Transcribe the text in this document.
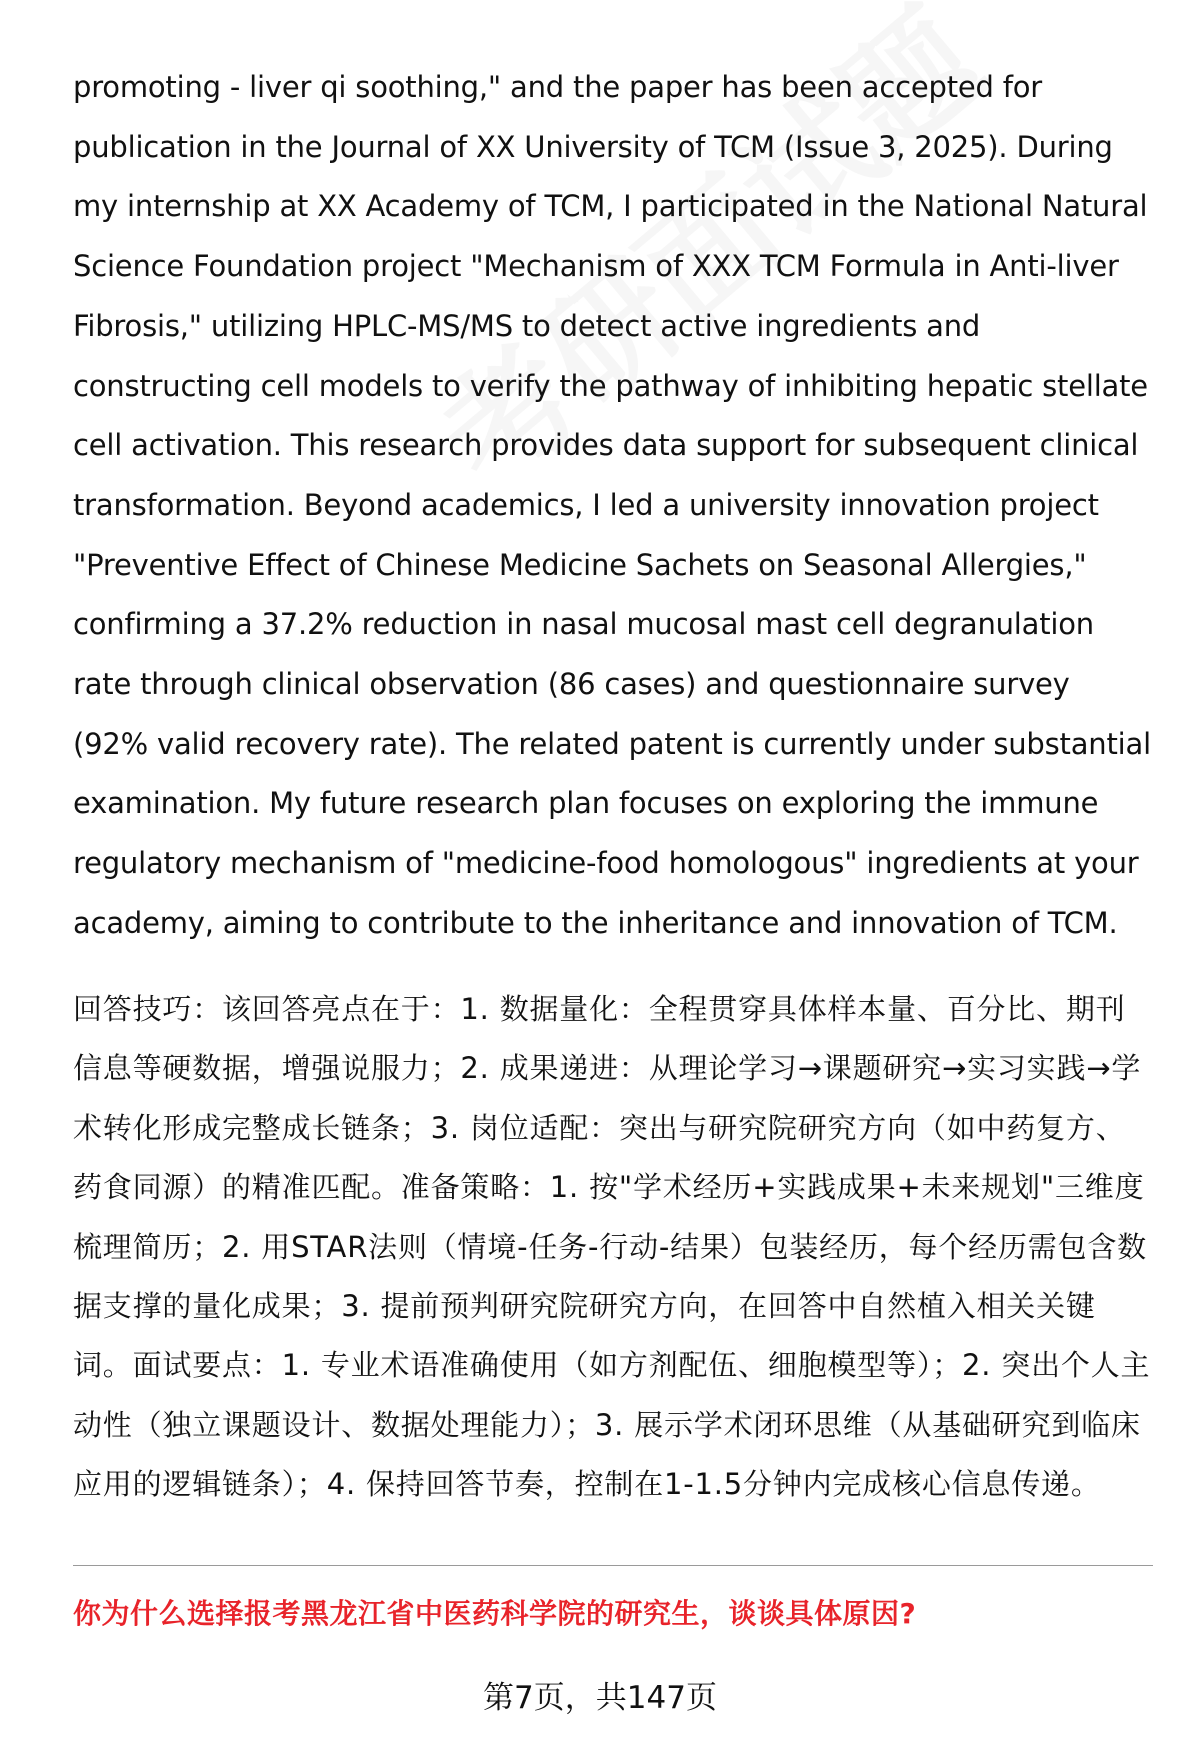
promoting - liver qi soothing," and the paper has been accepted for publication in the Journal of XX University of TCM (Issue 3, 2025). During my internship at XX Academy of TCM, I participated in the National Natural Science Foundation project "Mechanism of XXX TCM Formula in Anti-liver Fibrosis," utilizing HPLC-MS/MS to detect active ingredients and constructing cell models to verify the pathway of inhibiting hepatic stellate cell activation. This research provides data support for subsequent clinical transformation. Beyond academics, I led a university innovation project "Preventive Effect of Chinese Medicine Sachets on Seasonal Allergies," confirming a 37.2% reduction in nasal mucosal mast cell degranulation rate through clinical observation (86 cases) and questionnaire survey (92% valid recovery rate). The related patent is currently under substantial examination. My future research plan focuses on exploring the immune regulatory mechanism of "medicine-food homologous" ingredients at your academy, aiming to contribute to the inheritance and innovation of TCM.

回答技巧：该回答亮点在于：1. 数据量化：全程贯穿具体样本量、百分比、期刊信息等硬数据，增强说服力；2. 成果递进：从理论学习→课题研究→实习实践→学术转化形成完整成长链条；3. 岗位适配：突出与研究院研究方向（如中药复方、药食同源）的精准匹配。准备策略：1. 按"学术经历+实践成果+未来规划"三维度梳理简历；2. 用STAR法则（情境-任务-行动-结果）包装经历，每个经历需包含数据支撑的量化成果；3. 提前预判研究院研究方向，在回答中自然植入相关关键词。面试要点：1. 专业术语准确使用（如方剂配伍、细胞模型等）；2. 突出个人主动性（独立课题设计、数据处理能力）；3. 展示学术闭环思维（从基础研究到临床应用的逻辑链条）；4. 保持回答节奏，控制在1-1.5分钟内完成核心信息传递。

你为什么选择报考黑龙江省中医药科学院的研究生，谈谈具体原因?

第7页，共147页
